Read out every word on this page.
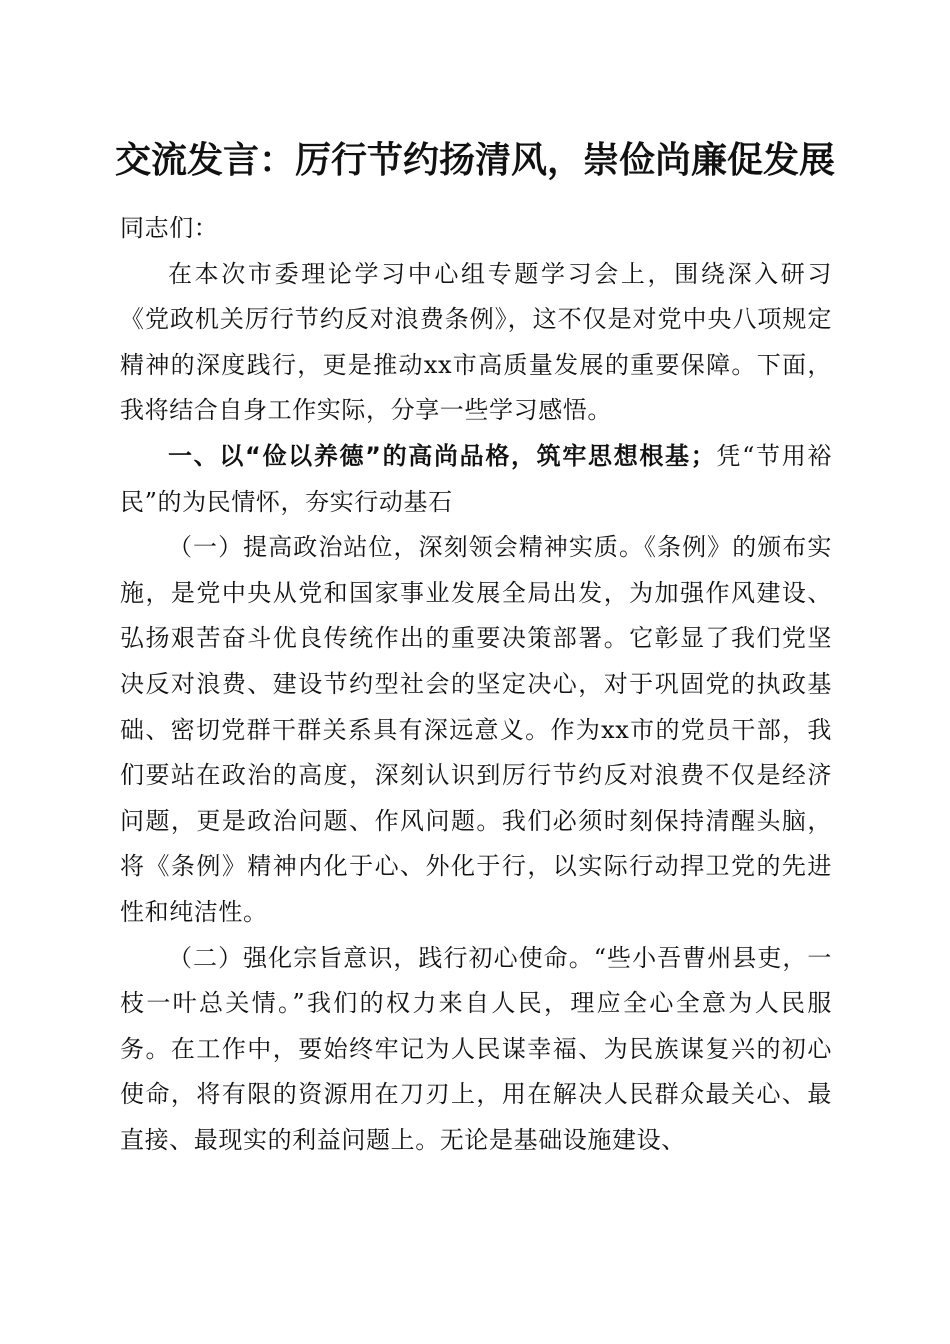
交流发言：厉行节约扬清风，崇俭尚廉促发展

同志们：

在本次市委理论学习中心组专题学习会上，围绕深入研习《党政机关厉行节约反对浪费条例》，这不仅是对党中央八项规定精神的深度践行，更是推动xx市高质量发展的重要保障。下面，我将结合自身工作实际，分享一些学习感悟。

一、以“俭以养德”的高尚品格，筑牢思想根基；凭“节用裕民”的为民情怀，夯实行动基石

（一）提高政治站位，深刻领会精神实质。《条例》的颁布实施，是党中央从党和国家事业发展全局出发，为加强作风建设、弘扬艰苦奋斗优良传统作出的重要决策部署。它彰显了我们党坚决反对浪费、建设节约型社会的坚定决心，对于巩固党的执政基础、密切党群干群关系具有深远意义。作为xx市的党员干部，我们要站在政治的高度，深刻认识到厉行节约反对浪费不仅是经济问题，更是政治问题、作风问题。我们必须时刻保持清醒头脑，将《条例》精神内化于心、外化于行，以实际行动捍卫党的先进性和纯洁性。

（二）强化宗旨意识，践行初心使命。“些小吾曹州县吏，一枝一叶总关情。”我们的权力来自人民，理应全心全意为人民服务。在工作中，要始终牢记为人民谋幸福、为民族谋复兴的初心使命，将有限的资源用在刀刃上，用在解决人民群众最关心、最直接、最现实的利益问题上。无论是基础设施建设、
